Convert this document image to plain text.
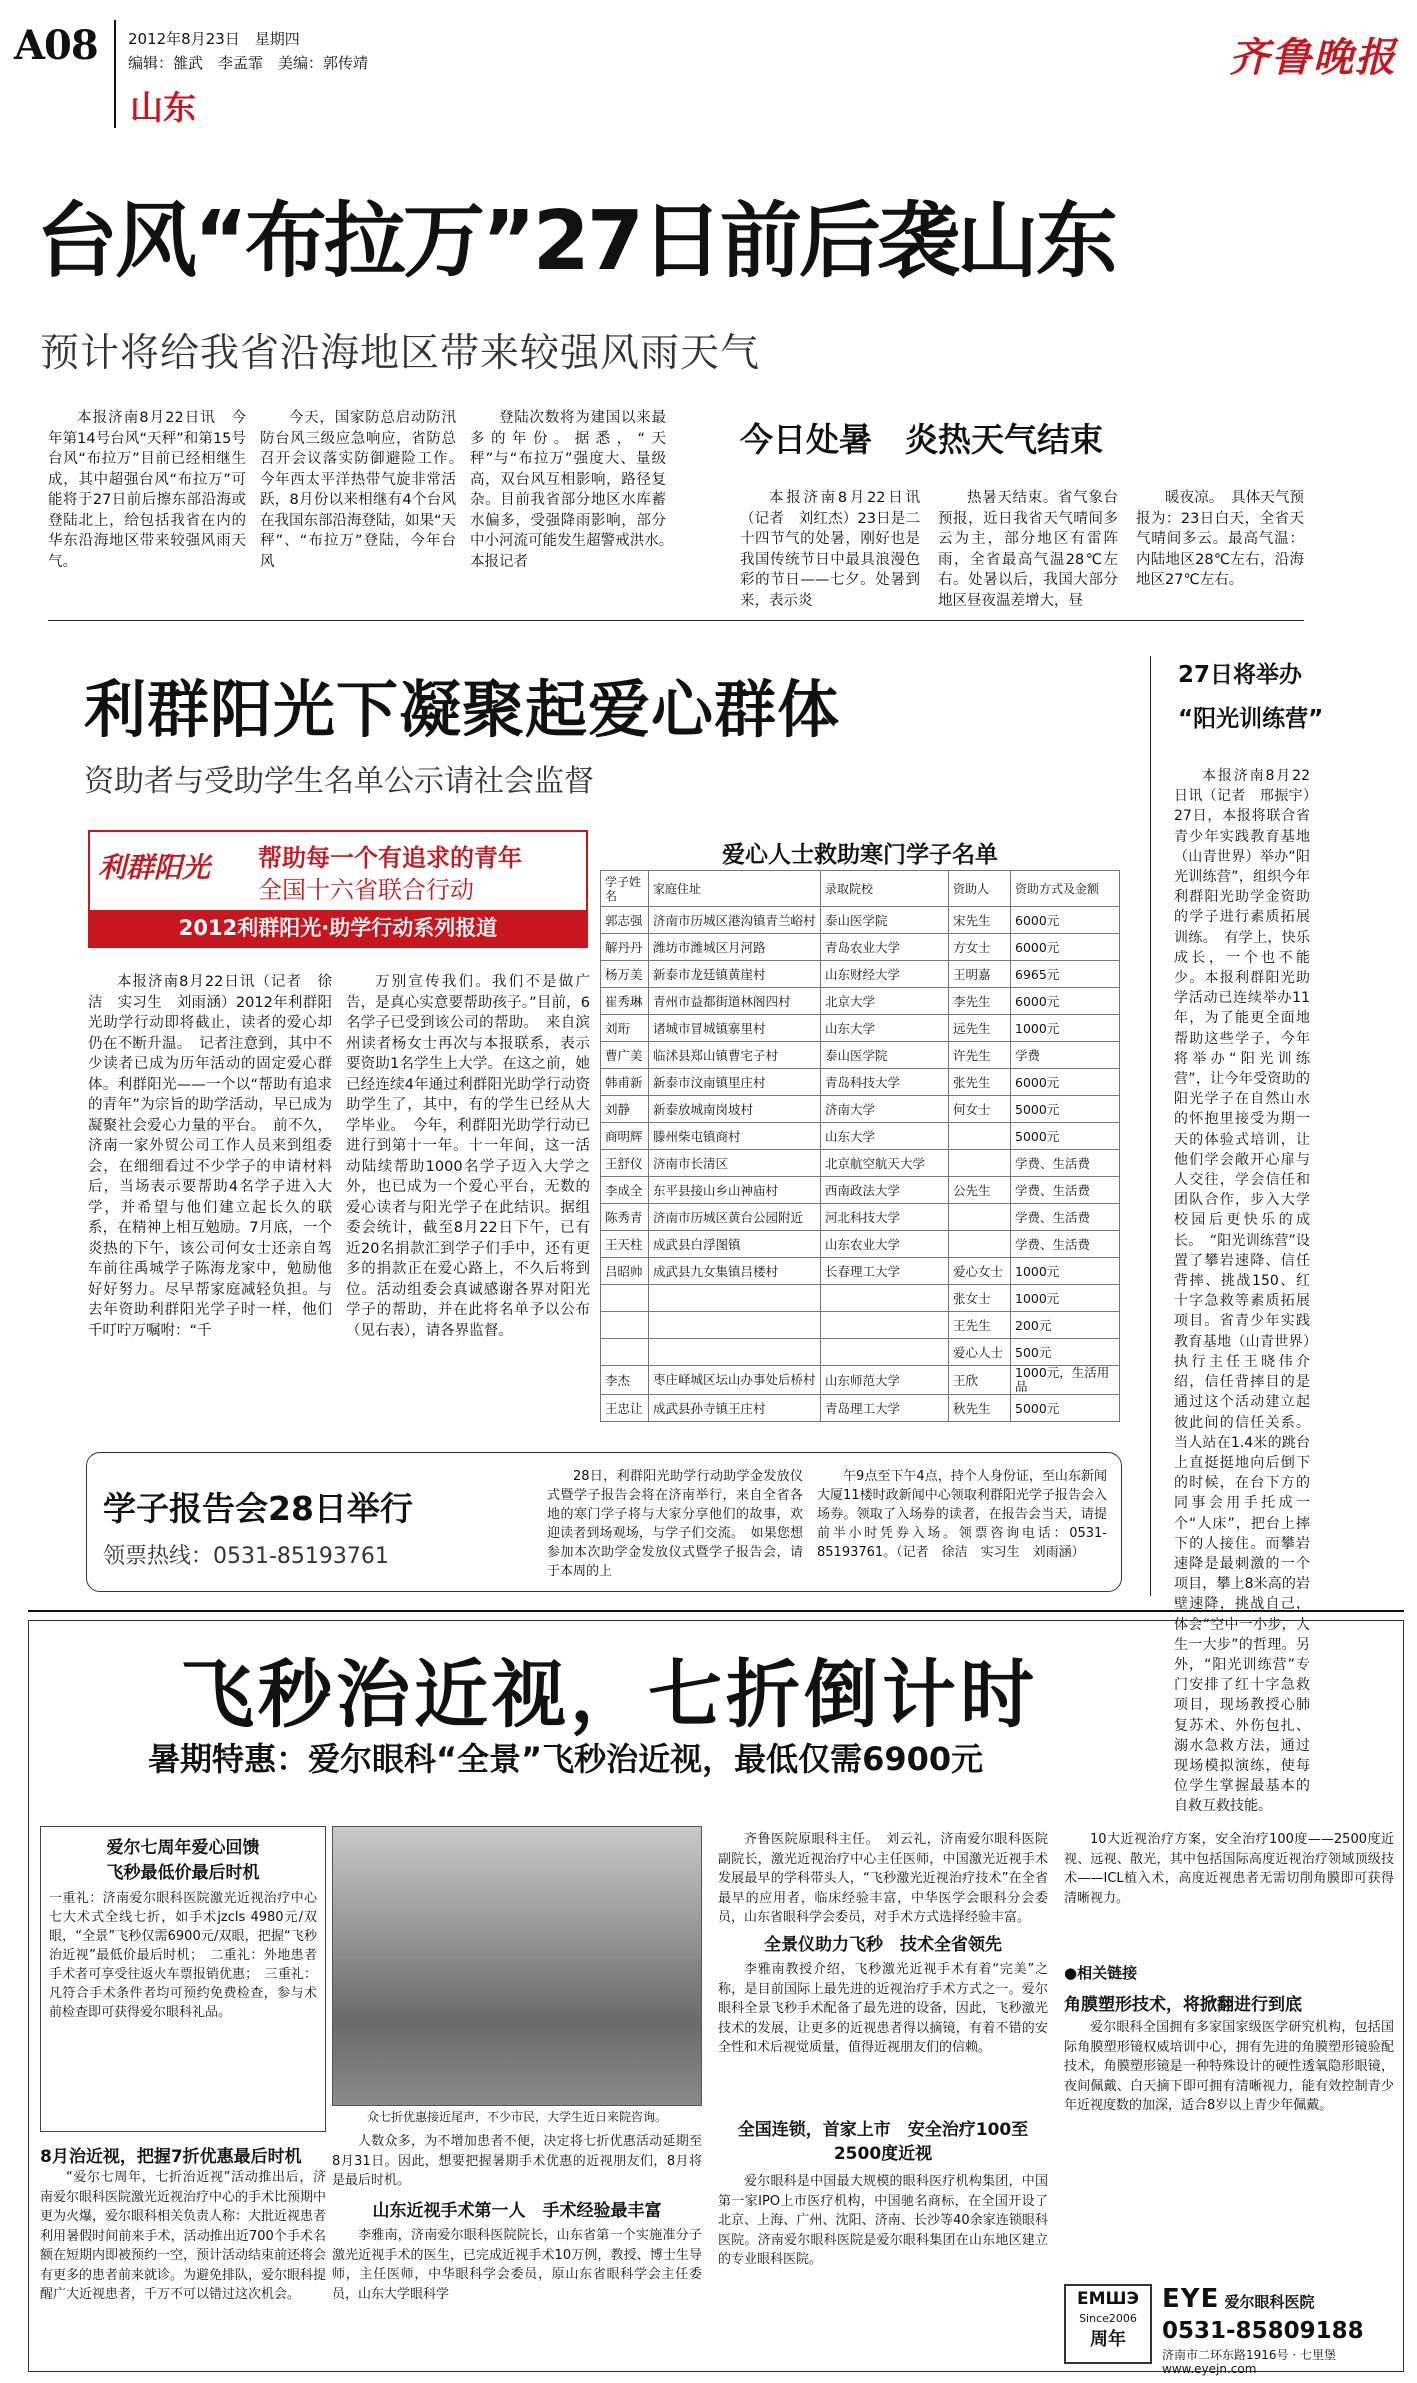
A08 2012年8月23日　星期四
编辑：雒武　李孟霏　美编：郭传靖
山东
齐鲁晚报
台风“布拉万”27日前后袭山东
预计将给我省沿海地区带来较强风雨天气

本报济南8月22日讯　今年第14号台风“天秤”和第15号台风“布拉万”目前已经相继生成，其中超强台风“布拉万”可能将于27日前后擦东部沿海或登陆北上，给包括我省在内的华东沿海地区带来较强风雨天气。

今天，国家防总启动防汛防台风三级应急响应，省防总召开会议落实防御避险工作。　今年西太平洋热带气旋非常活跃，8月份以来相继有4个台风在我国东部沿海登陆，如果“天秤”、“布拉万”登陆，今年台风

登陆次数将为建国以来最多的年份。据悉，“天秤”与“布拉万”强度大、量级高，双台风互相影响，路径复杂。目前我省部分地区水库蓄水偏多，受强降雨影响，部分中小河流可能发生超警戒洪水。　本报记者

今日处暑　炎热天气结束

本报济南8月22日讯（记者　刘红杰）23日是二十四节气的处暑，刚好也是我国传统节日中最具浪漫色彩的节日——七夕。处暑到来，表示炎

热暑天结束。省气象台预报，近日我省天气晴间多云为主，部分地区有雷阵雨，全省最高气温28℃左右。处暑以后，我国大部分地区昼夜温差增大，昼

暖夜凉。　具体天气预报为：23日白天，全省天气晴间多云。最高气温：内陆地区28℃左右，沿海地区27℃左右。

利群阳光下凝聚起爱心群体
资助者与受助学生名单公示请社会监督
利群阳光 帮助每一个有追求的青年
全国十六省联合行动
2012利群阳光·助学行动系列报道

本报济南8月22日讯（记者　徐洁　实习生　刘雨涵）2012年利群阳光助学行动即将截止，读者的爱心却仍在不断升温。　记者注意到，其中不少读者已成为历年活动的固定爱心群体。利群阳光——一个以“帮助有追求的青年”为宗旨的助学活动，早已成为凝聚社会爱心力量的平台。　前不久，济南一家外贸公司工作人员来到组委会，在细细看过不少学子的申请材料后，当场表示要帮助4名学子进入大学，并希望与他们建立起长久的联系，在精神上相互勉励。7月底，一个炎热的下午，该公司何女士还亲自驾车前往禹城学子陈海龙家中，勉励他好好努力。尽早帮家庭减轻负担。与去年资助利群阳光学子时一样，他们千叮咛万嘱咐：“千

万别宣传我们。我们不是做广告，是真心实意要帮助孩子。”目前，6名学子已受到该公司的帮助。　来自滨州读者杨女士再次与本报联系，表示要资助1名学生上大学。在这之前，她已经连续4年通过利群阳光助学行动资助学生了，其中，有的学生已经从大学毕业。　今年，利群阳光助学行动已进行到第十一年。十一年间，这一活动陆续帮助1000名学子迈入大学之外，也已成为一个爱心平台，无数的爱心读者与阳光学子在此结识。据组委会统计，截至8月22日下午，已有近20名捐款汇到学子们手中，还有更多的捐款正在爱心路上，不久后将到位。活动组委会真诚感谢各界对阳光学子的帮助，并在此将名单予以公布（见右表），请各界监督。

爱心人士救助寒门学子名单
学子姓名	家庭住址	录取院校	资助人	资助方式及金额
郭志强	济南市历城区港沟镇青兰峪村	泰山医学院	宋先生	6000元
解丹丹	潍坊市潍城区月河路	青岛农业大学	方女士	6000元
杨万美	新泰市龙廷镇黄崖村	山东财经大学	王明嘉	6965元
崔秀琳	青州市益都街道林阁四村	北京大学	李先生	6000元
刘珩	诸城市冒城镇寨里村	山东大学	远先生	1000元
曹广美	临沭县郑山镇曹宅子村	泰山医学院	许先生	学费
韩甫新	新泰市汶南镇里庄村	青岛科技大学	张先生	6000元
刘静	新泰放城南岗坡村	济南大学	何女士	5000元
商明辉	滕州柴屯镇商村	山东大学		5000元
王舒仪	济南市长清区	北京航空航天大学		学费、生活费
李成全	东平县接山乡山神庙村	西南政法大学	公先生	学费、生活费
陈秀青	济南市历城区黄台公园附近	河北科技大学		学费、生活费
王天柱	成武县白浮图镇	山东农业大学		学费、生活费
吕昭帅	成武县九女集镇吕楼村	长春理工大学	爱心女士	1000元
			张女士	1000元
			王先生	200元
			爱心人士	500元
李杰	枣庄峄城区坛山办事处后桥村	山东师范大学	王欣	1000元，生活用品
王忠让	成武县孙寺镇王庄村	青岛理工大学	秋先生	5000元
学子报告会28日举行
领票热线：0531-85193761

28日，利群阳光助学行动助学金发放仪式暨学子报告会将在济南举行，来自全省各地的寒门学子将与大家分享他们的故事，欢迎读者到场观场，与学子们交流。　如果您想参加本次助学金发放仪式暨学子报告会，请于本周的上

午9点至下午4点，持个人身份证，至山东新闻大厦11楼时政新闻中心领取利群阳光学子报告会入场券。领取了入场券的读者，在报告会当天，请提前半小时凭券入场。领票咨询电话：0531-85193761。（记者　徐洁　实习生　刘雨涵）

27日将举办
“阳光训练营”

本报济南8月22日讯（记者　邢振宇）27日，本报将联合省青少年实践教育基地（山青世界）举办“阳光训练营”，组织今年利群阳光助学金资助的学子进行素质拓展训练。　有学上，快乐成长，一个也不能少。本报利群阳光助学活动已连续举办11年，为了能更全面地帮助这些学子，今年将举办“阳光训练营”，让今年受资助的阳光学子在自然山水的怀抱里接受为期一天的体验式培训，让他们学会敞开心扉与人交往，学会信任和团队合作，步入大学校园后更快乐的成长。　“阳光训练营”设置了攀岩速降、信任背摔、挑战150、红十字急救等素质拓展项目。省青少年实践教育基地（山青世界）执行主任王晓伟介绍，信任背摔目的是通过这个活动建立起彼此间的信任关系。当人站在1.4米的跳台上直挺挺地向后倒下的时候，在台下方的同事会用手托成一个“人床”，把台上摔下的人接住。而攀岩速降是最刺激的一个项目，攀上8米高的岩壁速降，挑战自己，体会“空中一小步，人生一大步”的哲理。另外，“阳光训练营”专门安排了红十字急救项目，现场教授心肺复苏术、外伤包扎、溺水急救方法，通过现场模拟演练，使每位学生掌握最基本的自救互救技能。

飞秒治近视，七折倒计时
暑期特惠：爱尔眼科“全景”飞秒治近视，最低仅需6900元
爱尔七周年爱心回馈
飞秒最低价最后时机
一重礼：济南爱尔眼科医院激光近视治疗中心七大术式全线七折，如手术jzcls 4980元/双眼，“全景”飞秒仅需6900元/双眼，把握“飞秒治近视”最低价最后时机；　二重礼：外地患者手术者可享受往返火车票报销优惠；　三重礼：凡符合手术条件者均可预约免费检查，参与术前检查即可获得爱尔眼科礼品。
众七折优惠接近尾声，不少市民，大学生近日来院咨询。
8月治近视，把握7折优惠最后时机

“爱尔七周年，七折治近视”活动推出后，济南爱尔眼科医院激光近视治疗中心的手术比预期中更为火爆，爱尔眼科相关负责人称：大批近视患者利用暑假时间前来手术，活动推出近700个手术名额在短期内即被预约一空，预计活动结束前还将会有更多的患者前来就诊。为避免排队，爱尔眼科提醒广大近视患者，千万不可以错过这次机会。

人数众多，为不增加患者不便，决定将七折优惠活动延期至8月31日。因此，想要把握暑期手术优惠的近视朋友们，8月将是最后时机。

山东近视手术第一人　手术经验最丰富

李雅南，济南爱尔眼科医院院长，山东省第一个实施准分子激光近视手术的医生，已完成近视手术10万例，教授、博士生导师，主任医师，中华眼科学会委员，原山东省眼科学会主任委员，山东大学眼科学

齐鲁医院原眼科主任。　刘云礼，济南爱尔眼科医院副院长，激光近视治疗中心主任医师，中国激光近视手术发展最早的学科带头人，“飞秒激光近视治疗技术”在全省最早的应用者，临床经验丰富，中华医学会眼科分会委员，山东省眼科学会委员，对手术方式选择经验丰富。

全景仪助力飞秒　技术全省领先

李雅南教授介绍，飞秒激光近视手术有着“完美”之称，是目前国际上最先进的近视治疗手术方式之一。爱尔眼科全景飞秒手术配备了最先进的设备，因此，飞秒激光技术的发展，让更多的近视患者得以摘镜，有着不错的安全性和术后视觉质量，值得近视朋友们的信赖。

全国连锁，首家上市　安全治疗100至2500度近视

爱尔眼科是中国最大规模的眼科医疗机构集团，中国第一家IPO上市医疗机构，中国驰名商标，在全国开设了北京、上海、广州、沈阳、济南、长沙等40余家连锁眼科医院。济南爱尔眼科医院是爱尔眼科集团在山东地区建立的专业眼科医院。

10大近视治疗方案，安全治疗100度——2500度近视、远视、散光，其中包括国际高度近视治疗领域顶级技术——ICL植入术，高度近视患者无需切削角膜即可获得清晰视力。

●相关链接
角膜塑形技术，将掀翻进行到底

爱尔眼科全国拥有多家国家级医学研究机构，包括国际角膜塑形镜权威培训中心，拥有先进的角膜塑形镜验配技术，角膜塑形镜是一种特殊设计的硬性透氧隐形眼镜，夜间佩戴、白天摘下即可拥有清晰视力，能有效控制青少年近视度数的加深，适合8岁以上青少年佩戴。

ЕМШЭ
Since2006
周年
EYE 爱尔眼科医院
0531-85809188
济南市二环东路1916号 · 七里堡
www.eyejn.com
